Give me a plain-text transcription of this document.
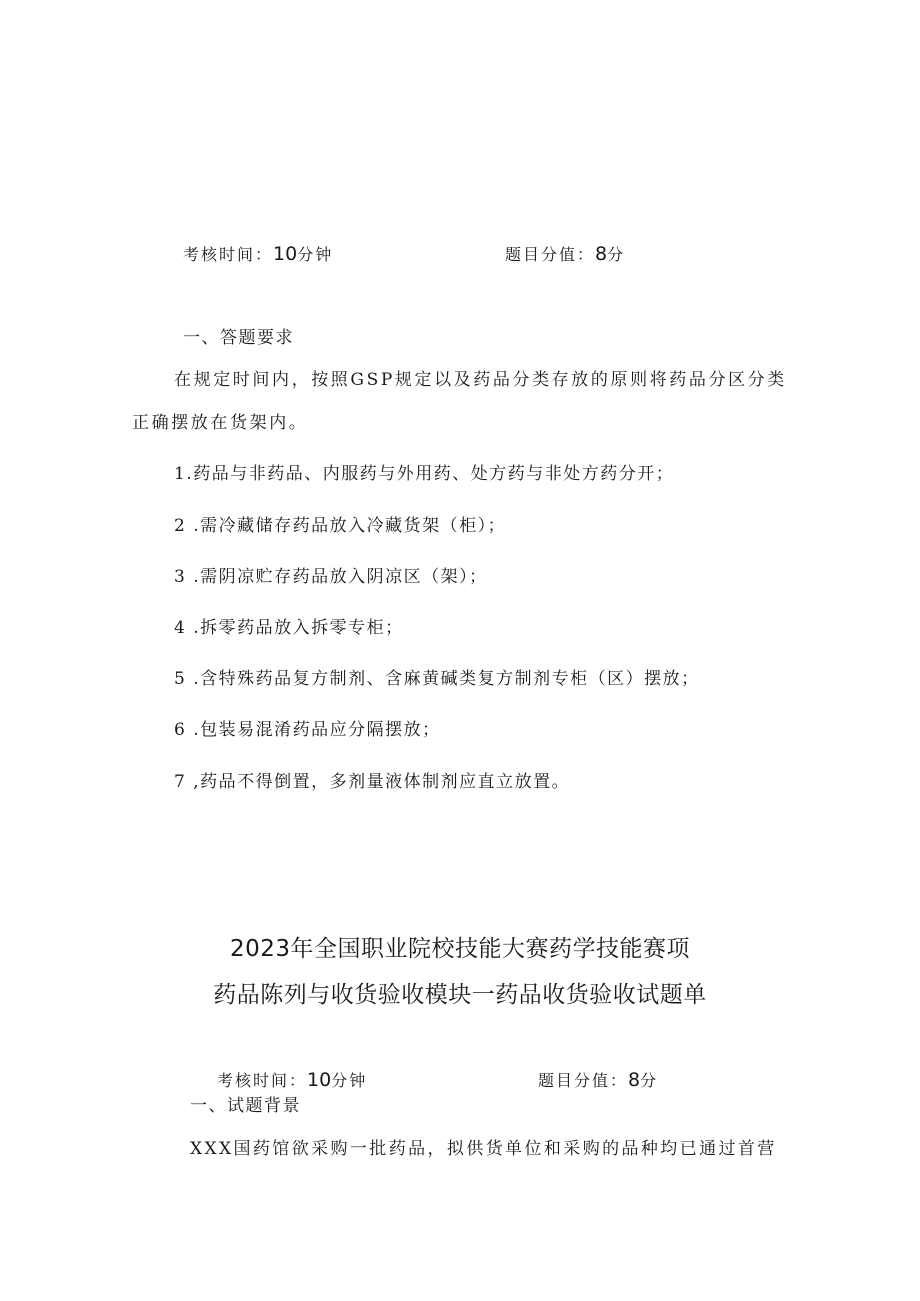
考核时间：10分钟	题目分值：8分
一、答题要求
在规定时间内，按照GSP规定以及药品分类存放的原则将药品分区分类
正确摆放在货架内。
1.药品与非药品、内服药与外用药、处方药与非处方药分开；
2 .需冷藏储存药品放入冷藏货架（柜）；
3 .需阴凉贮存药品放入阴凉区（架）；
4 .拆零药品放入拆零专柜；
5 .含特殊药品复方制剂、含麻黄碱类复方制剂专柜（区）摆放；
6 .包装易混淆药品应分隔摆放；
7 ,药品不得倒置，多剂量液体制剂应直立放置。
2023年全国职业院校技能大赛药学技能赛项
药品陈列与收货验收模块一药品收货验收试题单
考核时间：10分钟	题目分值：8分
一、试题背景
XXX国药馆欲采购一批药品，拟供货单位和采购的品种均已通过首营
